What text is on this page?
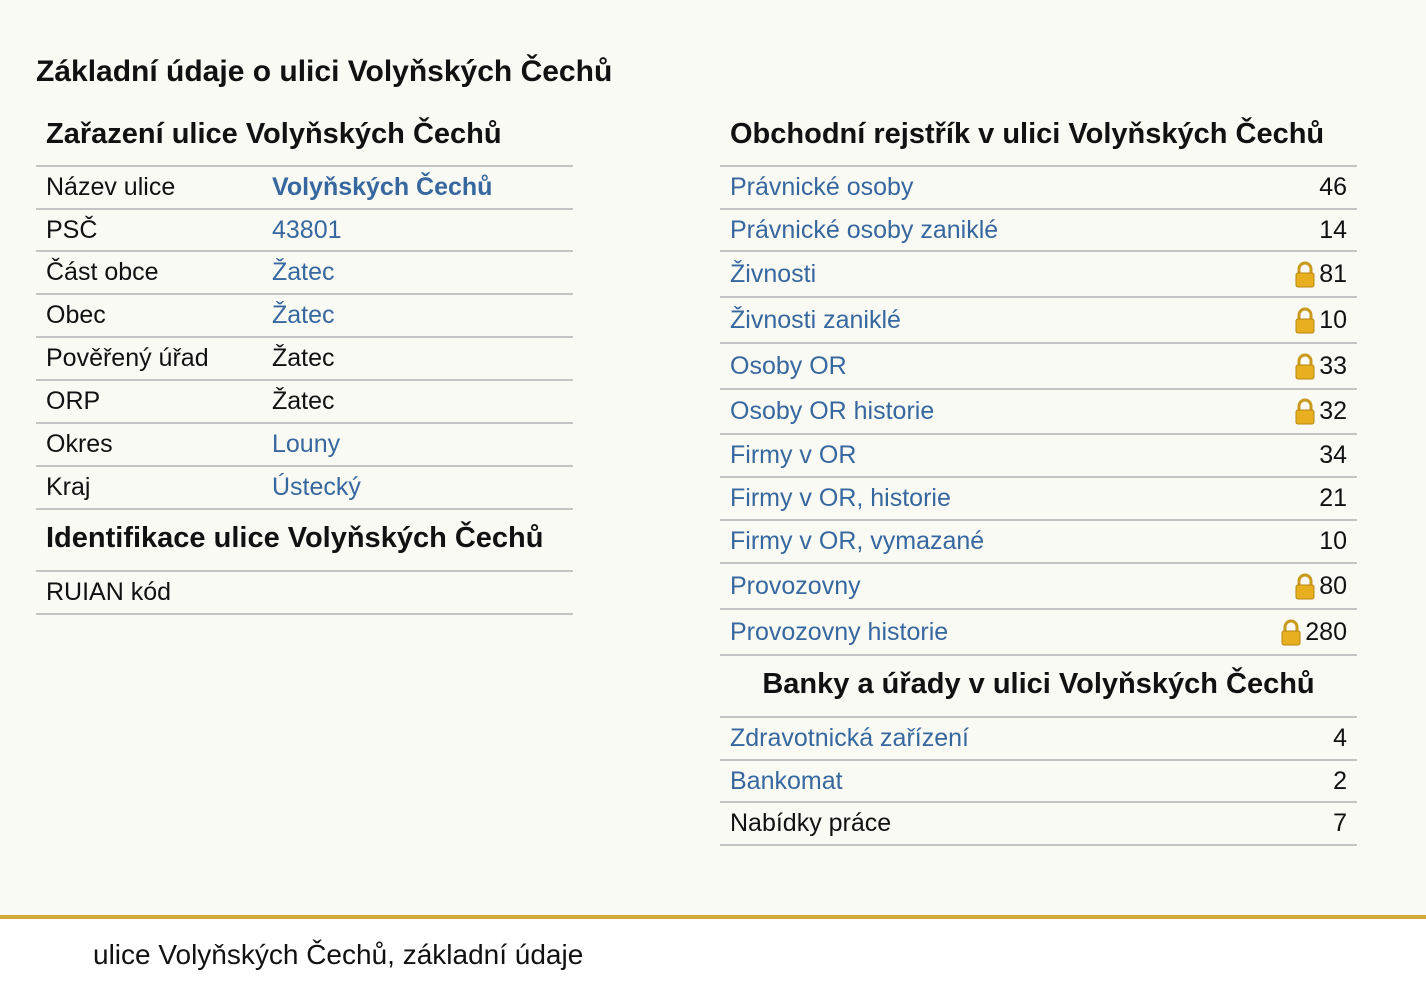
Základní údaje o ulici Volyňských Čechů
Zařazení ulice Volyňských Čechů
Název ulice	Volyňských Čechů
PSČ	43801
Část obce	Žatec
Obec	Žatec
Pověřený úřad	Žatec
ORP	Žatec
Okres	Louny
Kraj	Ústecký
Identifikace ulice Volyňských Čechů
RUIAN kód
Obchodní rejstřík v ulici Volyňských Čechů
Právnické osoby	46
Právnické osoby zaniklé	14
Živnosti	81
Živnosti zaniklé	10
Osoby OR	33
Osoby OR historie	32
Firmy v OR	34
Firmy v OR, historie	21
Firmy v OR, vymazané	10
Provozovny	80
Provozovny historie	280
Banky a úřady v ulici Volyňských Čechů
Zdravotnická zařízení	4
Bankomat	2
Nabídky práce	7
ulice Volyňských Čechů, základní údaje
